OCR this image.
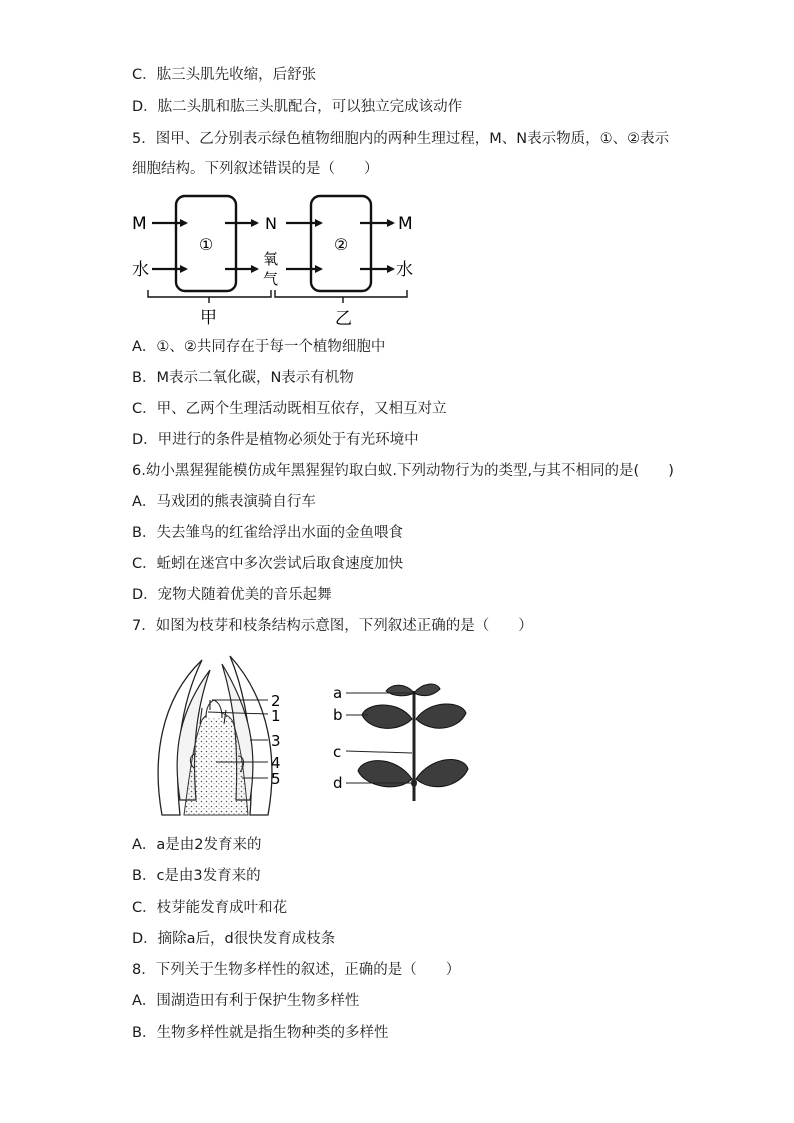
C．肱三头肌先收缩，后舒张
D．肱二头肌和肱三头肌配合，可以独立完成该动作
5．图甲、乙分别表示绿色植物细胞内的两种生理过程，M、N表示物质，①、②表示
细胞结构。下列叙述错误的是（　　）
①	②
M
水
N
氧
气
M
水
甲	乙
A．①、②共同存在于每一个植物细胞中
B．M表示二氧化碳，N表示有机物
C．甲、乙两个生理活动既相互依存，又相互对立
D．甲进行的条件是植物必须处于有光环境中
6.幼小黑猩猩能模仿成年黑猩猩钓取白蚁.下列动物行为的类型,与其不相同的是(　　)
A．马戏团的熊表演骑自行车
B．失去雏鸟的红雀给浮出水面的金鱼喂食
C．蚯蚓在迷宫中多次尝试后取食速度加快
D．宠物犬随着优美的音乐起舞
7．如图为枝芽和枝条结构示意图，下列叙述正确的是（　　）
2
1
3
4
5
a
b
c
d
A．a是由2发育来的
B．c是由3发育来的
C．枝芽能发育成叶和花
D．摘除a后，d很快发育成枝条
8．下列关于生物多样性的叙述，正确的是（　　）
A．围湖造田有利于保护生物多样性
B．生物多样性就是指生物种类的多样性
